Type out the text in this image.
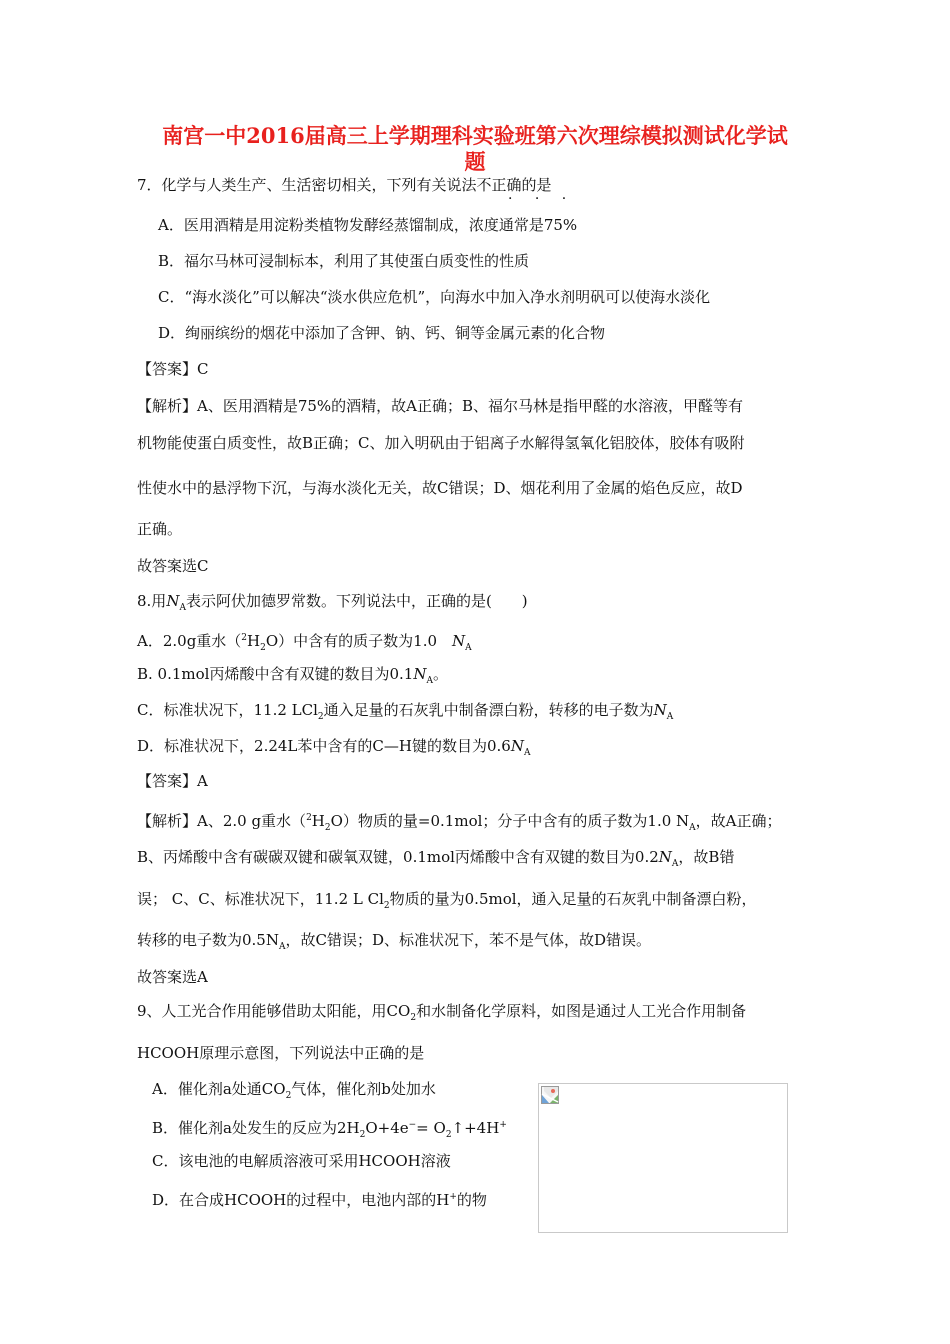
南宫一中2016届高三上学期理科实验班第六次理综模拟测试化学试
题
7．化学与人类生产、生活密切相关，下列有关说法不正确的是
· · ·
A．医用酒精是用淀粉类植物发酵经蒸馏制成，浓度通常是75%
B．福尔马林可浸制标本，利用了其使蛋白质变性的性质
C．“海水淡化”可以解决“淡水供应危机”，向海水中加入净水剂明矾可以使海水淡化
D．绚丽缤纷的烟花中添加了含钾、钠、钙、铜等金属元素的化合物
【答案】C
【解析】A、医用酒精是75%的酒精，故A正确；B、福尔马林是指甲醛的水溶液，甲醛等有
机物能使蛋白质变性，故B正确；C、加入明矾由于铝离子水解得氢氧化铝胶体，胶体有吸附
性使水中的悬浮物下沉，与海水淡化无关，故C错误；D、烟花利用了金属的焰色反应，故D
正确。
故答案选C
8.用$N_A$表示阿伏加德罗常数。下列说法中，正确的是(　　)
A．2.0g重水$(^2H_2O)$中含有的质子数为1.0　$N_A$
B. 0.1mol丙烯酸中含有双键的数目为$0.1N_A$。
C．标准状况下，11.2 LCl$_2$通入足量的石灰乳中制备漂白粉，转移的电子数为$N_A$
D．标准状况下，2.24L苯中含有的C—H键的数目为$0.6N_A$
【答案】A
【解析】A、2.0 g重水$(^2H_2O)$物质的量=0.1mol；分子中含有的质子数为1.0 $N_A$，故A正确；
B、丙烯酸中含有碳碳双键和碳氧双键，0.1mol丙烯酸中含有双键的数目为$0.2N_A$，故B错
误； C、C、标准状况下，11.2 L $Cl_2$物质的量为0.5mol，通入足量的石灰乳中制备漂白粉，
转移的电子数为$0.5N_A$，故C错误；D、标准状况下，苯不是气体，故D错误。
故答案选A
9、人工光合作用能够借助太阳能，用$CO_2$和水制备化学原料，如图是通过人工光合作用制备
HCOOH原理示意图，下列说法中正确的是
A．催化剂a处通$CO_2$气体，催化剂b处加水
B．催化剂a处发生的反应为$2H_2O+4e^-=$ $O_2↑+4H^+$
C．该电池的电解质溶液可采用HCOOH溶液
D．在合成HCOOH的过程中，电池内部的H+的物
